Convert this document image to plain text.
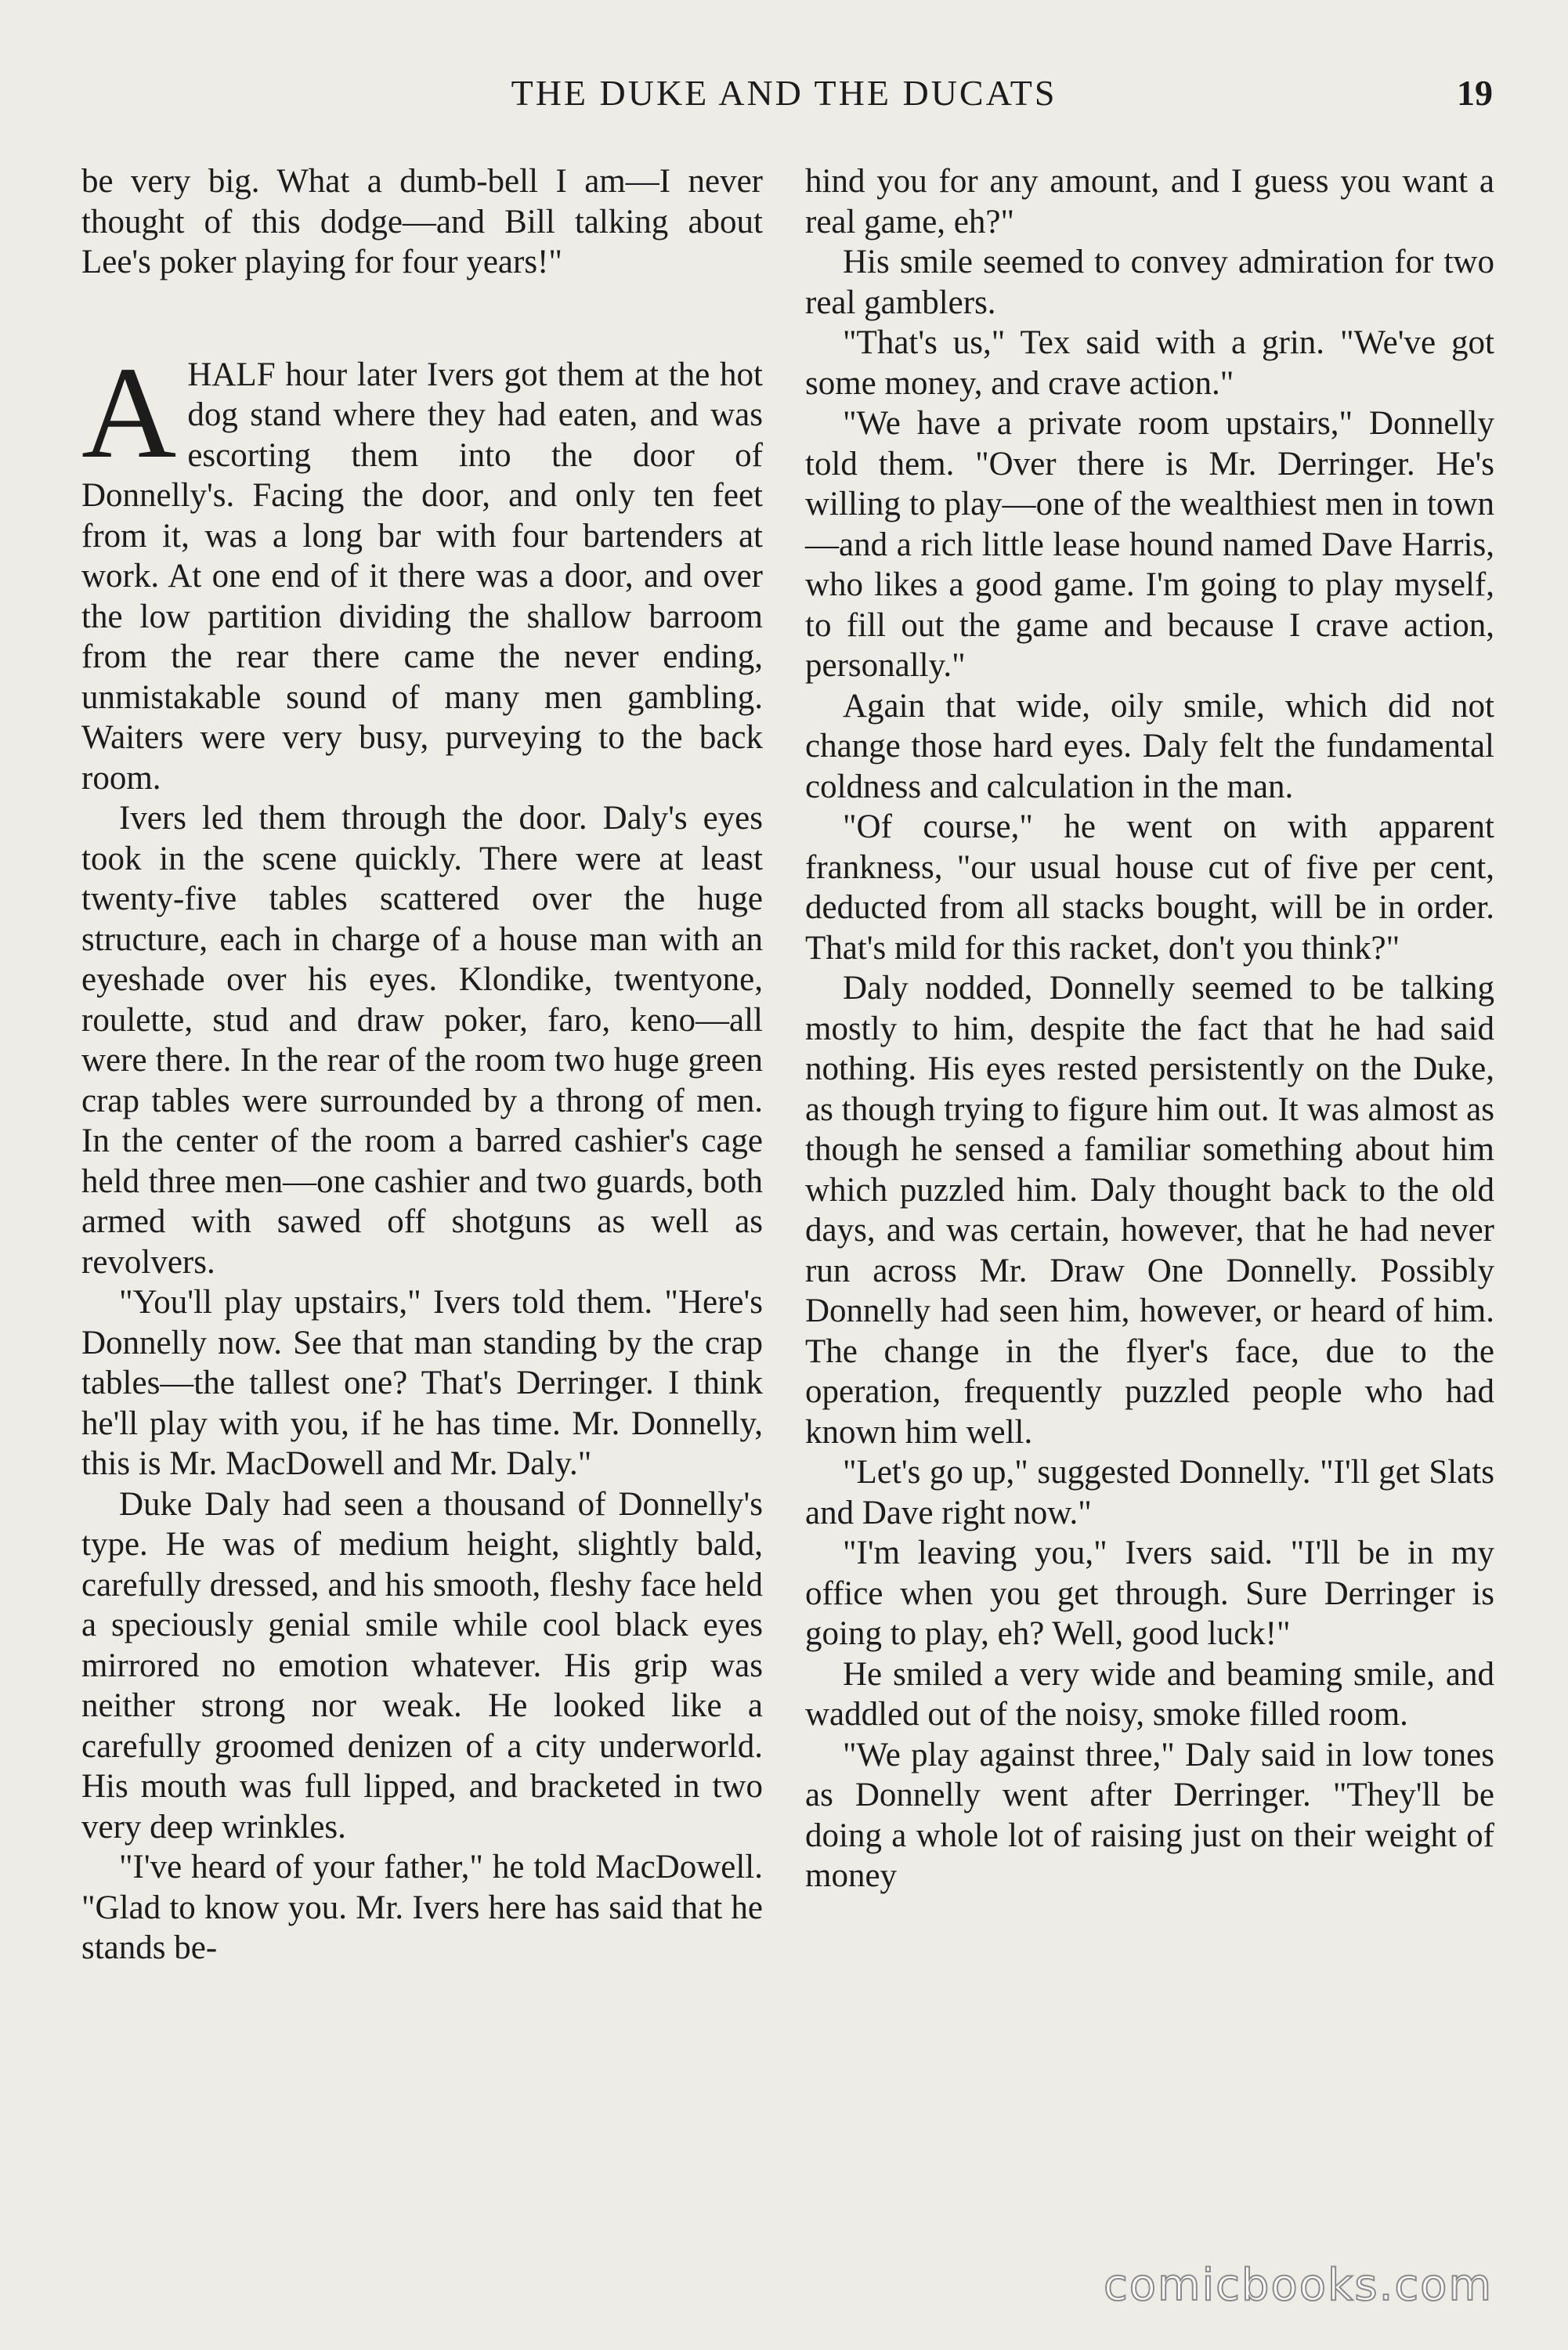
THE DUKE AND THE DUCATS	19

be very big. What a dumb-bell I am—I never thought of this dodge—and Bill talking about Lee's poker playing for four years!"

AHALF hour later Ivers got them at the hot dog stand where they had eaten, and was escorting them into the door of Donnelly's. Facing the door, and only ten feet from it, was a long bar with four bartenders at work. At one end of it there was a door, and over the low partition dividing the shallow barroom from the rear there came the never ending, unmistakable sound of many men gambling. Waiters were very busy, purveying to the back room.

Ivers led them through the door. Daly's eyes took in the scene quickly. There were at least twenty-five tables scattered over the huge structure, each in charge of a house man with an eyeshade over his eyes. Klondike, twentyone, roulette, stud and draw poker, faro, keno—all were there. In the rear of the room two huge green crap tables were surrounded by a throng of men. In the center of the room a barred cashier's cage held three men—one cashier and two guards, both armed with sawed off shotguns as well as revolvers.

"You'll play upstairs," Ivers told them. "Here's Donnelly now. See that man standing by the crap tables—the tallest one? That's Derringer. I think he'll play with you, if he has time. Mr. Donnelly, this is Mr. MacDowell and Mr. Daly."

Duke Daly had seen a thousand of Donnelly's type. He was of medium height, slightly bald, carefully dressed, and his smooth, fleshy face held a speciously genial smile while cool black eyes mirrored no emotion whatever. His grip was neither strong nor weak. He looked like a carefully groomed denizen of a city underworld. His mouth was full lipped, and bracketed in two very deep wrinkles.

"I've heard of your father," he told MacDowell. "Glad to know you. Mr. Ivers here has said that he stands be-

hind you for any amount, and I guess you want a real game, eh?"

His smile seemed to convey admiration for two real gamblers.

"That's us," Tex said with a grin. "We've got some money, and crave action."

"We have a private room upstairs," Donnelly told them. "Over there is Mr. Derringer. He's willing to play—one of the wealthiest men in town—and a rich little lease hound named Dave Harris, who likes a good game. I'm going to play myself, to fill out the game and because I crave action, personally."

Again that wide, oily smile, which did not change those hard eyes. Daly felt the fundamental coldness and calculation in the man.

"Of course," he went on with apparent frankness, "our usual house cut of five per cent, deducted from all stacks bought, will be in order. That's mild for this racket, don't you think?"

Daly nodded, Donnelly seemed to be talking mostly to him, despite the fact that he had said nothing. His eyes rested persistently on the Duke, as though trying to figure him out. It was almost as though he sensed a familiar something about him which puzzled him. Daly thought back to the old days, and was certain, however, that he had never run across Mr. Draw One Donnelly. Possibly Donnelly had seen him, however, or heard of him. The change in the flyer's face, due to the operation, frequently puzzled people who had known him well.

"Let's go up," suggested Donnelly. "I'll get Slats and Dave right now."

"I'm leaving you," Ivers said. "I'll be in my office when you get through. Sure Derringer is going to play, eh? Well, good luck!"

He smiled a very wide and beaming smile, and waddled out of the noisy, smoke filled room.

"We play against three," Daly said in low tones as Donnelly went after Derringer. "They'll be doing a whole lot of raising just on their weight of money

comicbooks.com
